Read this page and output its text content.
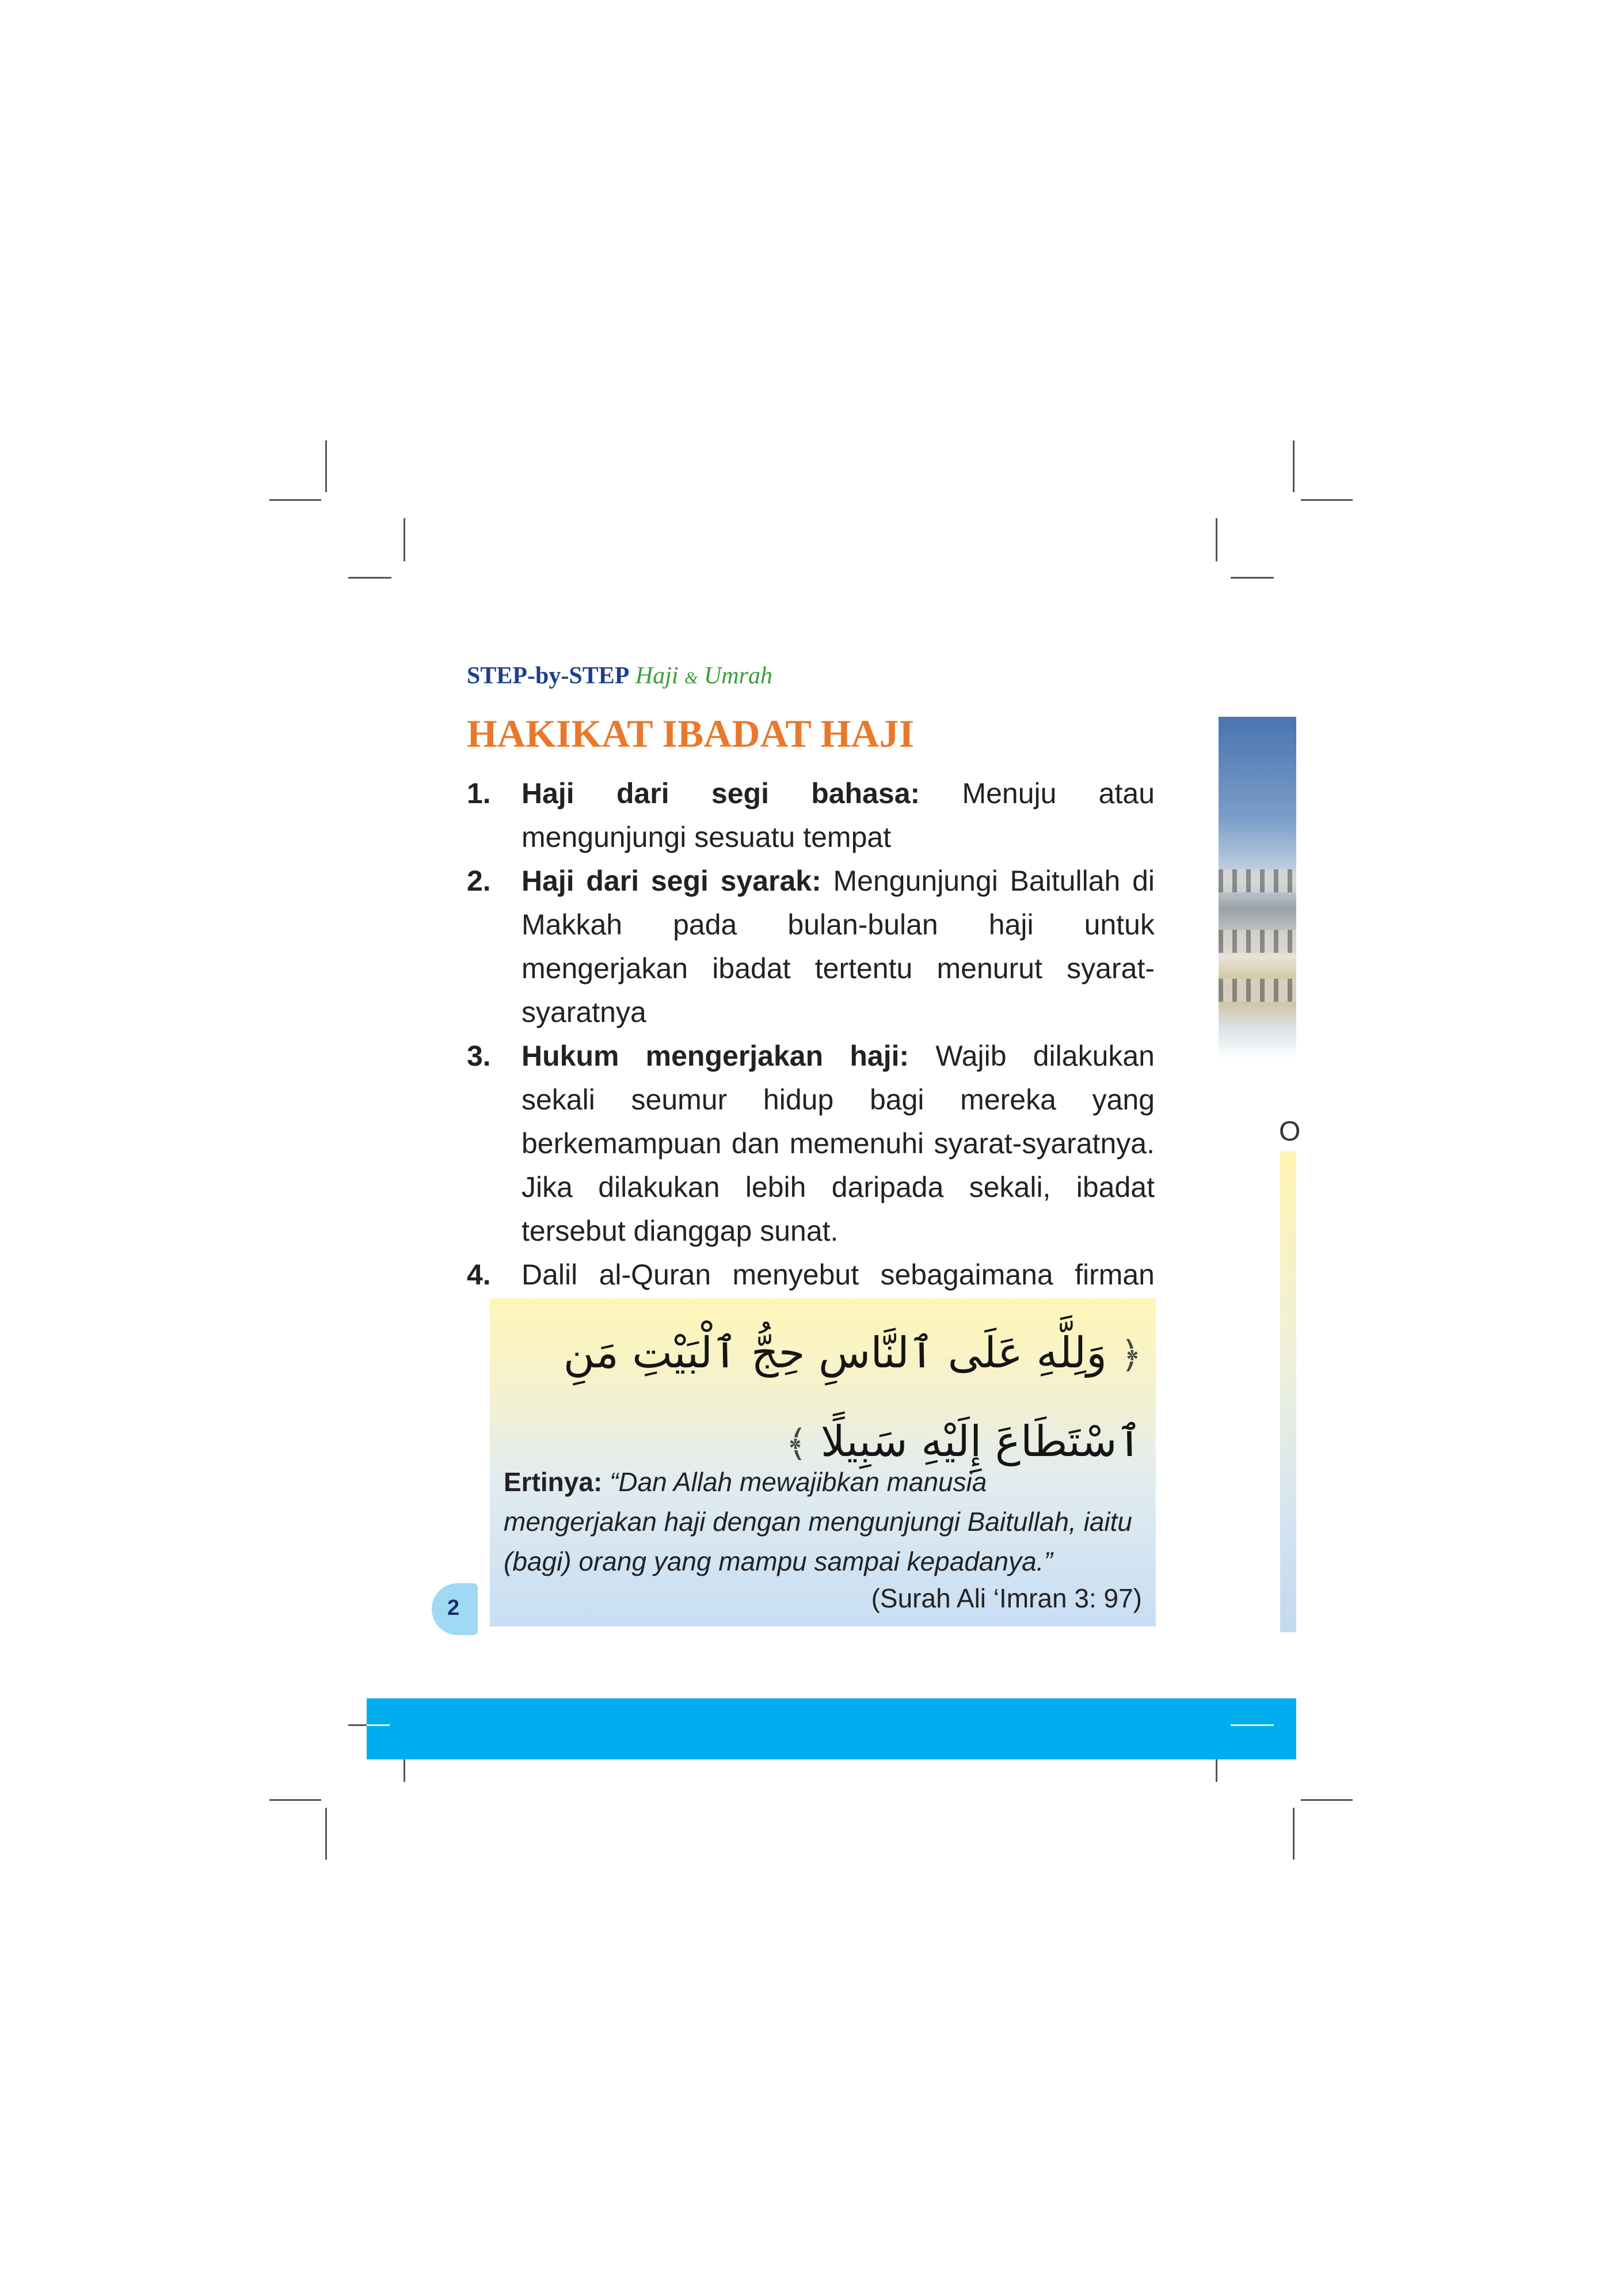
STEP-by-STEP Haji & Umrah
HAKIKAT IBADAT HAJI
1. Haji dari segi bahasa: Menuju atau mengunjungi sesuatu tempat
2. Haji dari segi syarak: Mengunjungi Baitullah di Makkah pada bulan-bulan haji untuk mengerjakan ibadat tertentu menurut syarat-syaratnya
3. Hukum mengerjakan haji: Wajib dilakukan sekali seumur hidup bagi mereka yang berkemampuan dan memenuhi syarat-syaratnya. Jika dilakukan lebih daripada sekali, ibadat tersebut dianggap sunat.
4. Dalil al-Quran menyebut sebagaimana firman
﴿ وَلِلَّهِ عَلَى ٱلنَّاسِ حِجُّ ٱلْبَيْتِ مَنِ ٱسْتَطَاعَ إِلَيْهِ سَبِيلًا ﴾
Ertinya: “Dan Allah mewajibkan manusia mengerjakan haji dengan mengunjungi Baitullah, iaitu (bagi) orang yang mampu sampai kepadanya.”
(Surah Ali ‘Imran 3: 97)
2
O
